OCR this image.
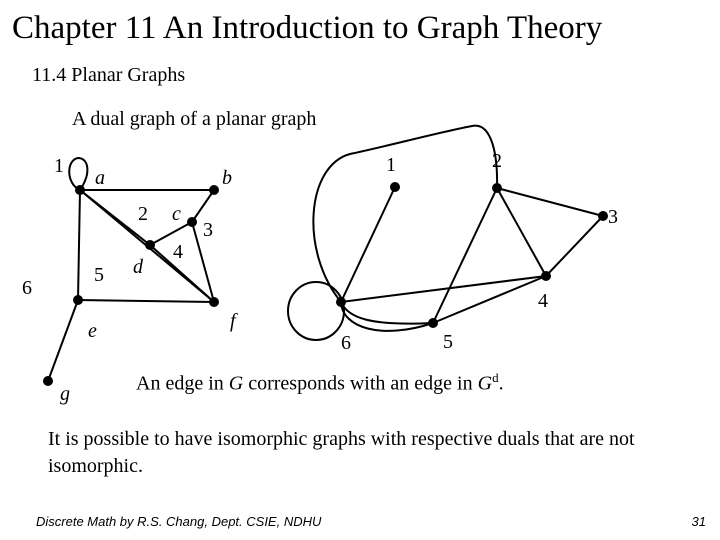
Chapter 11 An Introduction to Graph Theory
11.4 Planar Graphs
A dual graph of a planar graph
a	b
c
d
e	f
g
1
2
3
4
5
6
1	2
3
4
5
6
An edge in G corresponds with an edge in $G^d$.
It is possible to have isomorphic graphs with respective duals that are not isomorphic.
Discrete Math by R.S. Chang, Dept. CSIE, NDHU	31
